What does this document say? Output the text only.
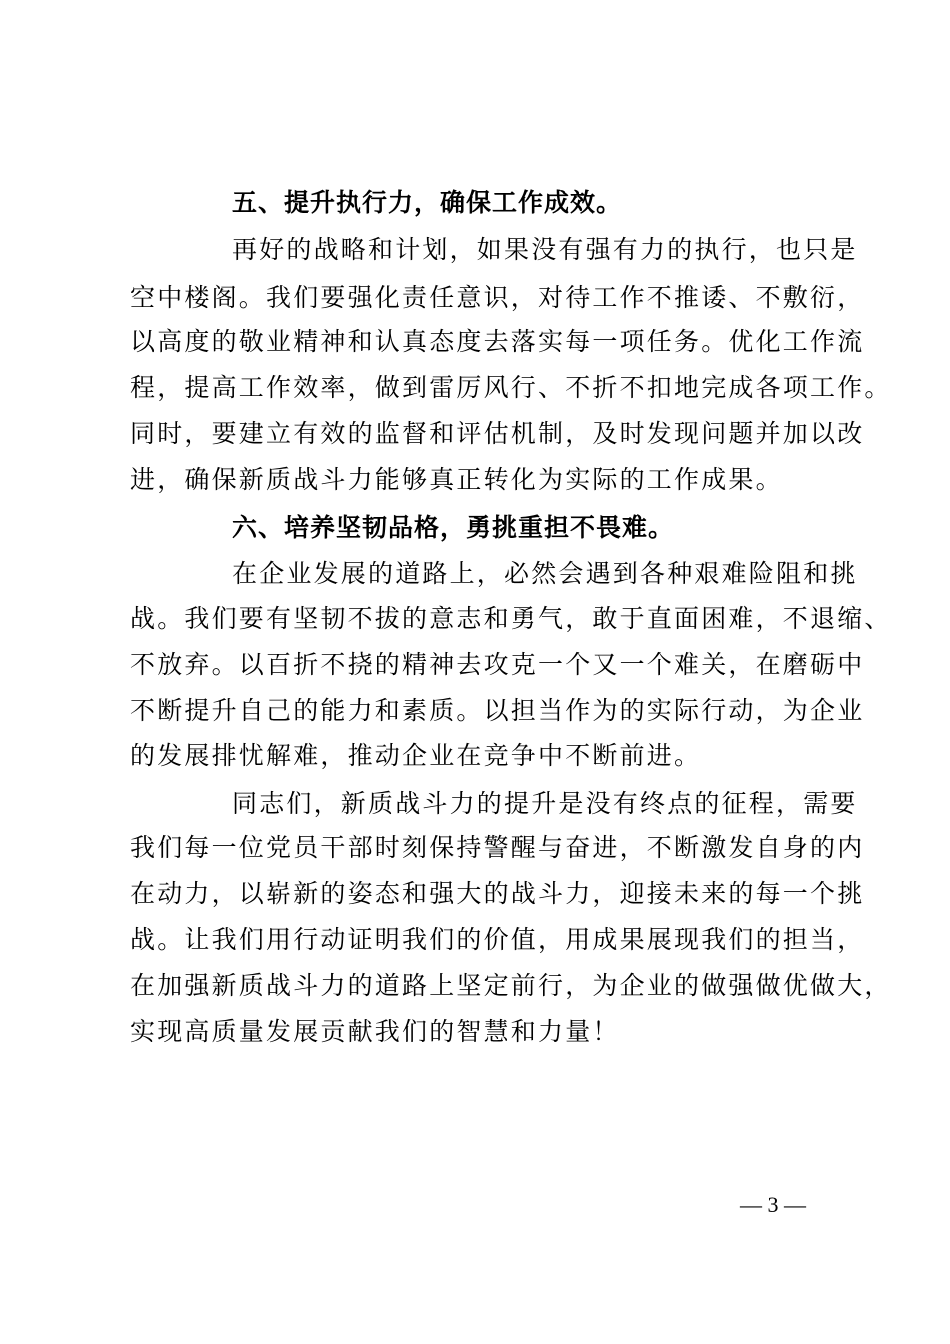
五、提升执行力，确保工作成效。
再好的战略和计划，如果没有强有力的执行，也只是
空中楼阁。我们要强化责任意识，对待工作不推诿、不敷衍，
以高度的敬业精神和认真态度去落实每一项任务。优化工作流
程，提高工作效率，做到雷厉风行、不折不扣地完成各项工作。
同时，要建立有效的监督和评估机制，及时发现问题并加以改
进，确保新质战斗力能够真正转化为实际的工作成果。
六、培养坚韧品格，勇挑重担不畏难。
在企业发展的道路上，必然会遇到各种艰难险阻和挑
战。我们要有坚韧不拔的意志和勇气，敢于直面困难，不退缩、
不放弃。以百折不挠的精神去攻克一个又一个难关，在磨砺中
不断提升自己的能力和素质。以担当作为的实际行动，为企业
的发展排忧解难，推动企业在竞争中不断前进。
同志们，新质战斗力的提升是没有终点的征程，需要
我们每一位党员干部时刻保持警醒与奋进，不断激发自身的内
在动力，以崭新的姿态和强大的战斗力，迎接未来的每一个挑
战。让我们用行动证明我们的价值，用成果展现我们的担当，
在加强新质战斗力的道路上坚定前行，为企业的做强做优做大，
实现高质量发展贡献我们的智慧和力量！
— 3 —
